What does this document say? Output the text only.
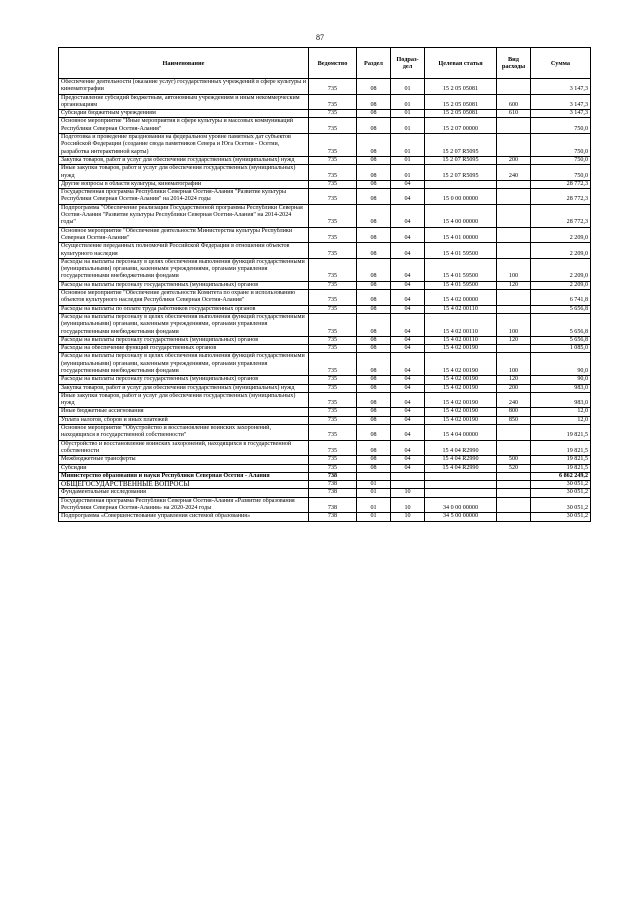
87
Наименование	Ведомство	Раздел	Подраз-дел	Целевая статья	Вид расходы	Сумма
Обеспечение деятельности (оказание услуг) государственных учреждений в сфере культуры и кинематографии	735	08	01	15 2 05 05081		3 147,3
Предоставление субсидий бюджетным, автономным учреждениям и иным некоммерческим организациям	735	08	01	15 2 05 05081	600	3 147,3
Субсидии бюджетным учреждениям	735	08	01	15 2 05 05081	610	3 147,3
Основное мероприятие "Иные мероприятия в сфере культуры и массовых коммуникаций Республики Северная Осетия-Алания"	735	08	01	15 2 07 00000		750,0
Подготовка и проведение празднования на федеральном уровне памятных дат субъектов Российской Федерации (создание свода памятников Севера и Юга Осетии - Осетии, разработка интерактивной карты)	735	08	01	15 2 07 R5095		750,0
Закупка товаров, работ и услуг для обеспечения государственных (муниципальных) нужд	735	08	01	15 2 07 R5095	200	750,0
Иные закупки товаров, работ и услуг для обеспечения государственных (муниципальных) нужд	735	08	01	15 2 07 R5095	240	750,0
Другие вопросы в области культуры, кинематографии	735	08	04			28 772,3
Государственная программа Республики Северная Осетия-Алания "Развитие культуры Республики Северная Осетия-Алания" на 2014-2024 годы	735	08	04	15 0 00 00000		28 772,3
Подпрограмма "Обеспечение реализации Государственной программы Республики Северная Осетия-Алания "Развитие культуры Республики Северная Осетия-Алания" на 2014-2024 годы"	735	08	04	15 4 00 00000		28 772,3
Основное мероприятие "Обеспечение деятельности Министерства культуры Республики Северная Осетия-Алания"	735	08	04	15 4 01 00000		2 209,0
Осуществление переданных полномочий Российской Федерации в отношении объектов культурного наследия	735	08	04	15 4 01 59500		2 209,0
Расходы на выплаты персоналу в целях обеспечения выполнения функций государственными (муниципальными) органами, казенными учреждениями, органами управления государственными внебюджетными фондами	735	08	04	15 4 01 59500	100	2 209,0
Расходы на выплаты персоналу государственных (муниципальных) органов	735	08	04	15 4 01 59500	120	2 209,0
Основное мероприятие "Обеспечение деятельности Комитета по охране и использованию объектов культурного наследия Республики Северная Осетия-Алания"	735	08	04	15 4 02 00000		6 741,8
Расходы на выплаты по оплате труда работников государственных органов	735	08	04	15 4 02 00110		5 656,8
Расходы на выплаты персоналу в целях обеспечения выполнения функций государственными (муниципальными) органами, казенными учреждениями, органами управления государственными внебюджетными фондами	735	08	04	15 4 02 00110	100	5 656,8
Расходы на выплаты персоналу государственных (муниципальных) органов	735	08	04	15 4 02 00110	120	5 656,8
Расходы на обеспечение функций государственных органов	735	08	04	15 4 02 00190		1 085,0
Расходы на выплаты персоналу в целях обеспечения выполнения функций государственными (муниципальными) органами, казенными учреждениями, органами управления государственными внебюджетными фондами	735	08	04	15 4 02 00190	100	90,0
Расходы на выплаты персоналу государственных (муниципальных) органов	735	08	04	15 4 02 00190	120	90,0
Закупка товаров, работ и услуг для обеспечения государственных (муниципальных) нужд	735	08	04	15 4 02 00190	200	983,0
Иные закупки товаров, работ и услуг для обеспечения государственных (муниципальных) нужд	735	08	04	15 4 02 00190	240	983,0
Иные бюджетные ассигнования	735	08	04	15 4 02 00190	800	12,0
Уплата налогов, сборов и иных платежей	735	08	04	15 4 02 00190	850	12,0
Основное мероприятие "Обустройство и восстановление воинских захоронений, находящихся в государственной собственности"	735	08	04	15 4 04 00000		19 821,5
Обустройство и восстановление воинских захоронений, находящихся в государственной собственности	735	08	04	15 4 04 R2990		19 821,5
Межбюджетные трансферты	735	08	04	15 4 04 R2990	500	19 821,5
Субсидии	735	08	04	15 4 04 R2990	520	19 821,5
Министерство образования и науки Республики Северная Осетия - Алания	738					6 862 249,2
ОБЩЕГОСУДАРСТВЕННЫЕ ВОПРОСЫ	738	01				30 051,2
Фундаментальные исследования	738	01	10			30 051,2
Государственная программа Республики Северная Осетия-Алания «Развитие образования Республики Северная Осетия-Алания» на 2020-2024 годы	738	01	10	34 0 00 00000		30 051,2
Подпрограмма «Совершенствование управления системой образования»	738	01	10	34 5 00 00000		30 051,2
